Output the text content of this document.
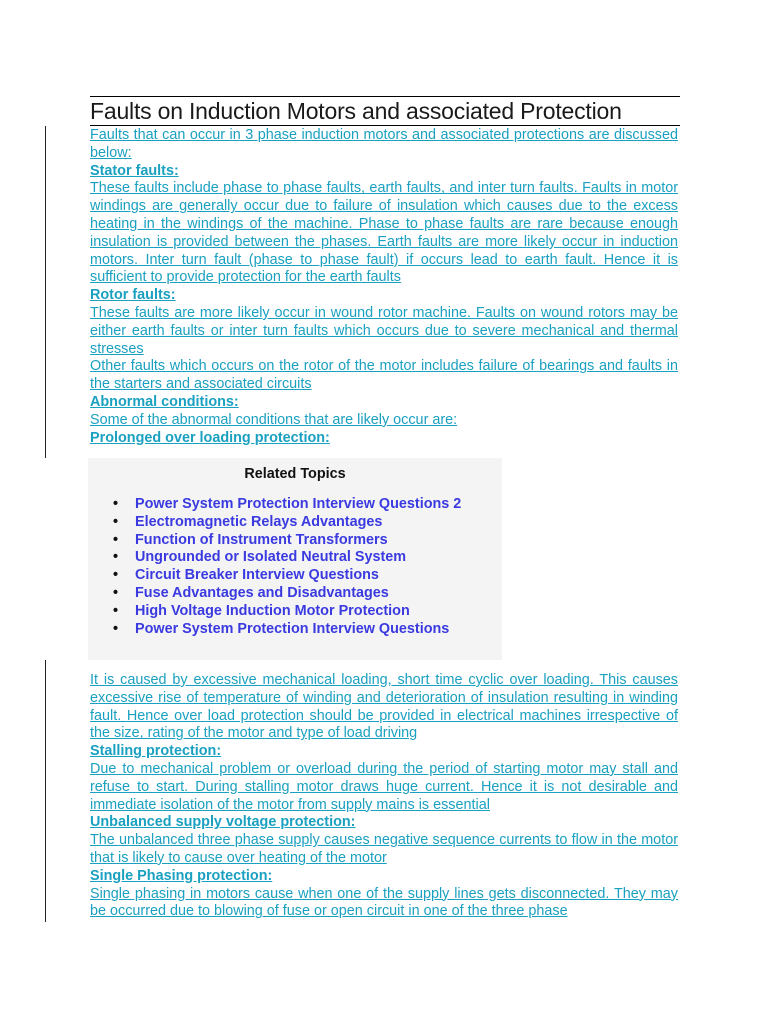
Faults on Induction Motors and associated Protection

Faults that can occur in 3 phase induction motors and associated protections are discussed below:

Stator faults:

These faults include phase to phase faults, earth faults, and inter turn faults. Faults in motor windings are generally occur due to failure of insulation which causes due to the excess heating in the windings of the machine. Phase to phase faults are rare because enough insulation is provided between the phases. Earth faults are more likely occur in induction motors. Inter turn fault (phase to phase fault) if occurs lead to earth fault. Hence it is sufficient to provide protection for the earth faults

Rotor faults:

These faults are more likely occur in wound rotor machine. Faults on wound rotors may be either earth faults or inter turn faults which occurs due to severe mechanical and thermal stresses

Other faults which occurs on the rotor of the motor includes failure of bearings and faults in the starters and associated circuits

Abnormal conditions:

Some of the abnormal conditions that are likely occur are:

Prolonged over loading protection:

It is caused by excessive mechanical loading, short time cyclic over loading. This causes excessive rise of temperature of winding and deterioration of insulation resulting in winding fault. Hence over load protection should be provided in electrical machines irrespective of the size, rating of the motor and type of load driving

Stalling protection:

Due to mechanical problem or overload during the period of starting motor may stall and refuse to start. During stalling motor draws huge current. Hence it is not desirable and immediate isolation of the motor from supply mains is essential

Unbalanced supply voltage protection:

The unbalanced three phase supply causes negative sequence currents to flow in the motor that is likely to cause over heating of the motor

Single Phasing protection:

Single phasing in motors cause when one of the supply lines gets disconnected. They may be occurred due to blowing of fuse or open circuit in one of the three phase

Related Topics
• Power System Protection Interview Questions 2
• Electromagnetic Relays Advantages
• Function of Instrument Transformers
• Ungrounded or Isolated Neutral System
• Circuit Breaker Interview Questions
• Fuse Advantages and Disadvantages
• High Voltage Induction Motor Protection
• Power System Protection Interview Questions
